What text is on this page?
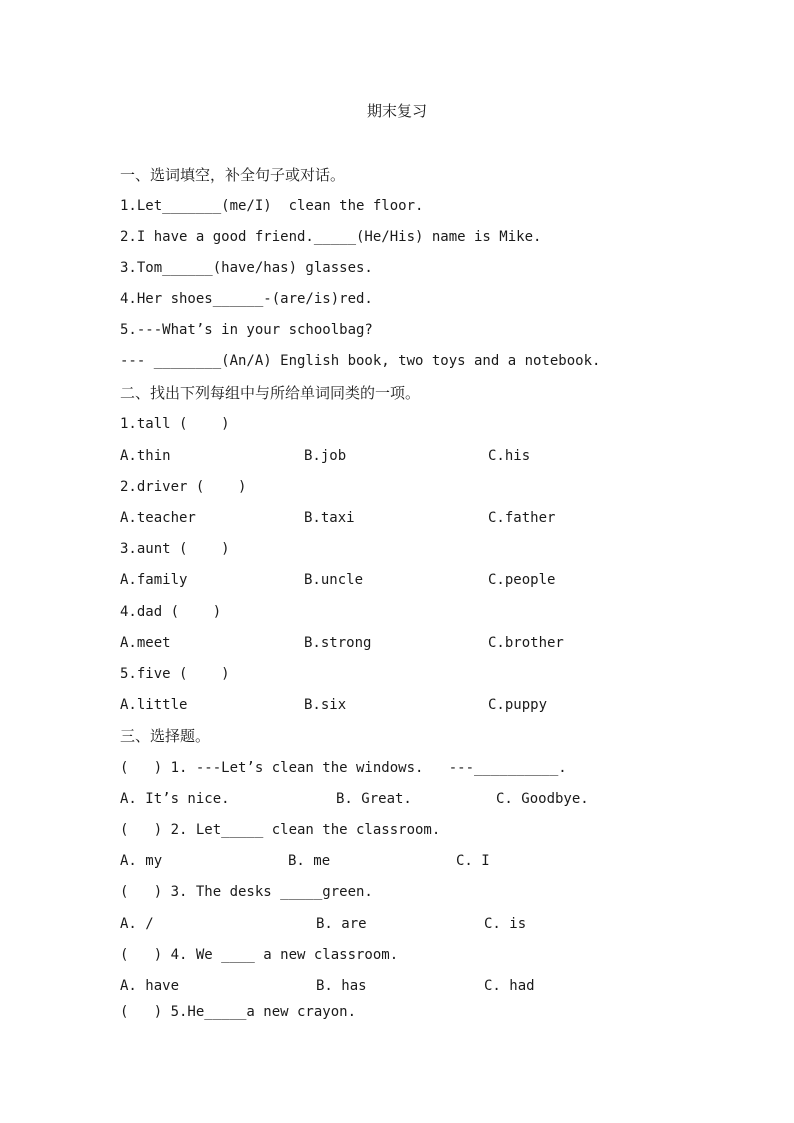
期末复习
一、选词填空，补全句子或对话。
1.Let_______(me/I)  clean the floor.
2.I have a good friend._____(He/His) name is Mike.
3.Tom______(have/has) glasses.
4.Her shoes______-(are/is)red.
5.---What’s in your schoolbag?
--- ________(An/A) English book, two toys and a notebook.
二、找出下列每组中与所给单词同类的一项。
1.tall (    )
A.thin	B.job	C.his
2.driver (    )
A.teacher	B.taxi	C.father
3.aunt (    )
A.family	B.uncle	C.people
4.dad (    )
A.meet	B.strong	C.brother
5.five (    )
A.little	B.six	C.puppy
三、选择题。
(   ) 1. ---Let’s clean the windows.   ---__________.
A. It’s nice.	B. Great.	C. Goodbye.
(   ) 2. Let_____ clean the classroom.
A. my	B. me	C. I
(   ) 3. The desks _____green.
A. /	B. are	C. is
(   ) 4. We ____ a new classroom.
A. have	B. has	C. had
(   ) 5.He_____a new crayon.
